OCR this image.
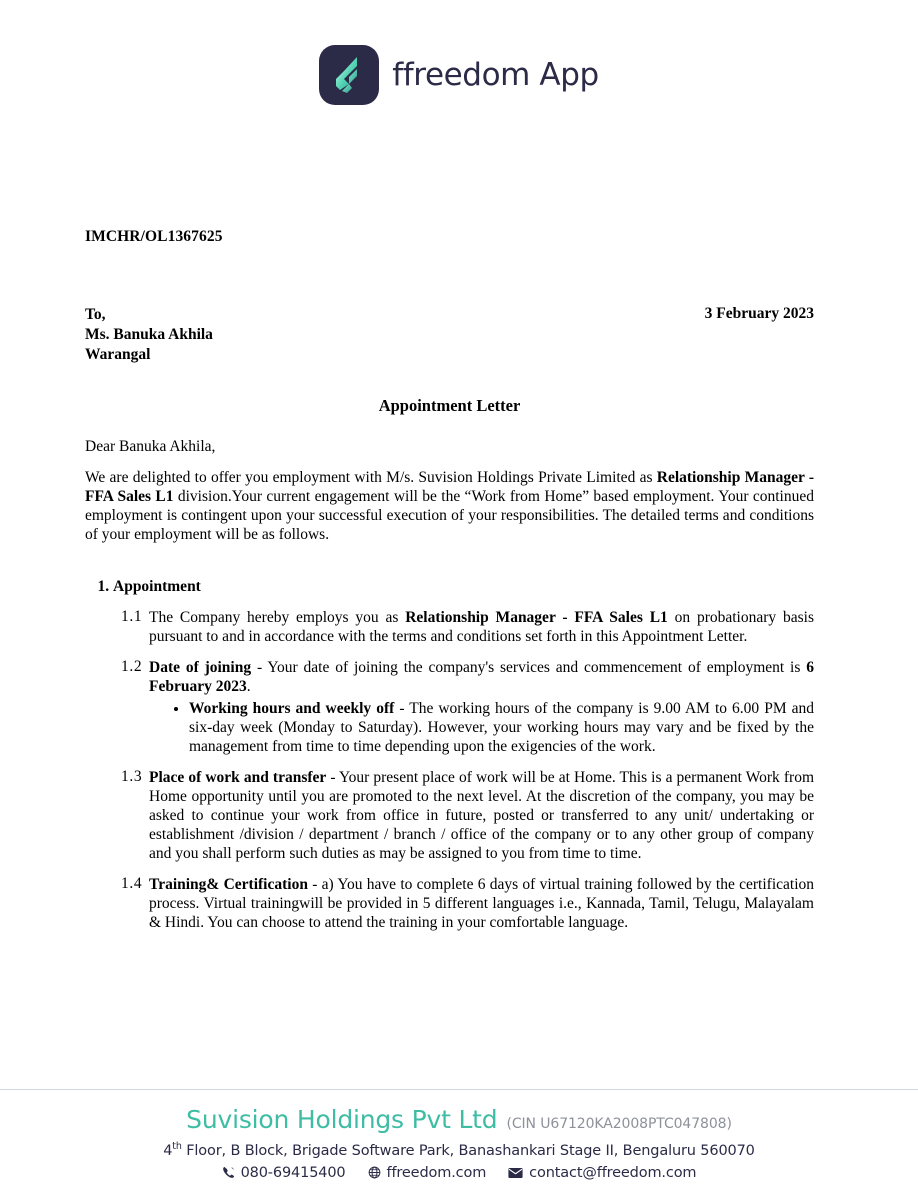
ffreedom App
IMCHR/OL1367625
To,
Ms. Banuka Akhila
Warangal
3 February 2023
Appointment Letter

Dear Banuka Akhila,

We are delighted to offer you employment with M/s. Suvision Holdings Private Limited as Relationship Manager - FFA Sales L1 division.Your current engagement will be the “Work from Home” based employment. Your continued employment is contingent upon your successful execution of your responsibilities. The detailed terms and conditions of your employment will be as follows.

1. Appointment
1.1 The Company hereby employs you as Relationship Manager - FFA Sales L1 on probationary basis pursuant to and in accordance with the terms and conditions set forth in this Appointment Letter.
1.2 Date of joining - Your date of joining the company's services and commencement of employment is 6 February 2023.
• Working hours and weekly off - The working hours of the company is 9.00 AM to 6.00 PM and six-day week (Monday to Saturday). However, your working hours may vary and be fixed by the management from time to time depending upon the exigencies of the work.
1.3 Place of work and transfer - Your present place of work will be at Home. This is a permanent Work from Home opportunity until you are promoted to the next level. At the discretion of the company, you may be asked to continue your work from office in future, posted or transferred to any unit/ undertaking or establishment /division / department / branch / office of the company or to any other group of company and you shall perform such duties as may be assigned to you from time to time.
1.4 Training& Certification - a) You have to complete 6 days of virtual training followed by the certification process. Virtual trainingwill be provided in 5 different languages i.e., Kannada, Tamil, Telugu, Malayalam & Hindi. You can choose to attend the training in your comfortable language.
Suvision Holdings Pvt Ltd (CIN U67120KA2008PTC047808)
4th Floor, B Block, Brigade Software Park, Banashankari Stage II, Bengaluru 560070
080-69415400	ffreedom.com	contact@ffreedom.com
